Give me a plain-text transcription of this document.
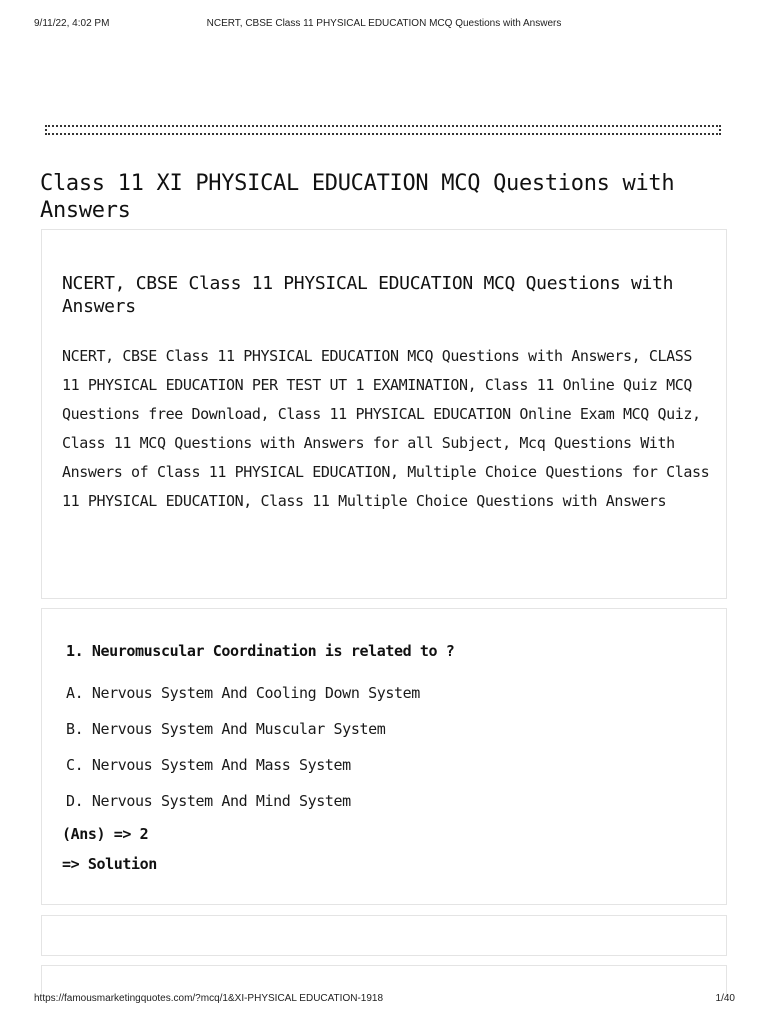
9/11/22, 4:02 PM	NCERT, CBSE Class 11 PHYSICAL EDUCATION MCQ Questions with Answers
Class 11 XI PHYSICAL EDUCATION MCQ Questions with Answers
NCERT, CBSE Class 11 PHYSICAL EDUCATION MCQ Questions with Answers

NCERT, CBSE Class 11 PHYSICAL EDUCATION MCQ Questions with Answers, CLASS 11 PHYSICAL EDUCATION PER TEST UT 1 EXAMINATION, Class 11 Online Quiz MCQ Questions free Download, Class 11 PHYSICAL EDUCATION Online Exam MCQ Quiz, Class 11 MCQ Questions with Answers for all Subject, Mcq Questions With Answers of Class 11 PHYSICAL EDUCATION, Multiple Choice Questions for Class 11 PHYSICAL EDUCATION, Class 11 Multiple Choice Questions with Answers

1. Neuromuscular Coordination is related to ?

A. Nervous System And Cooling Down System

B. Nervous System And Muscular System

C. Nervous System And Mass System

D. Nervous System And Mind System

(Ans) => 2

=> Solution

https://famousmarketingquotes.com/?mcq/1&XI-PHYSICAL EDUCATION-1918	1/40
